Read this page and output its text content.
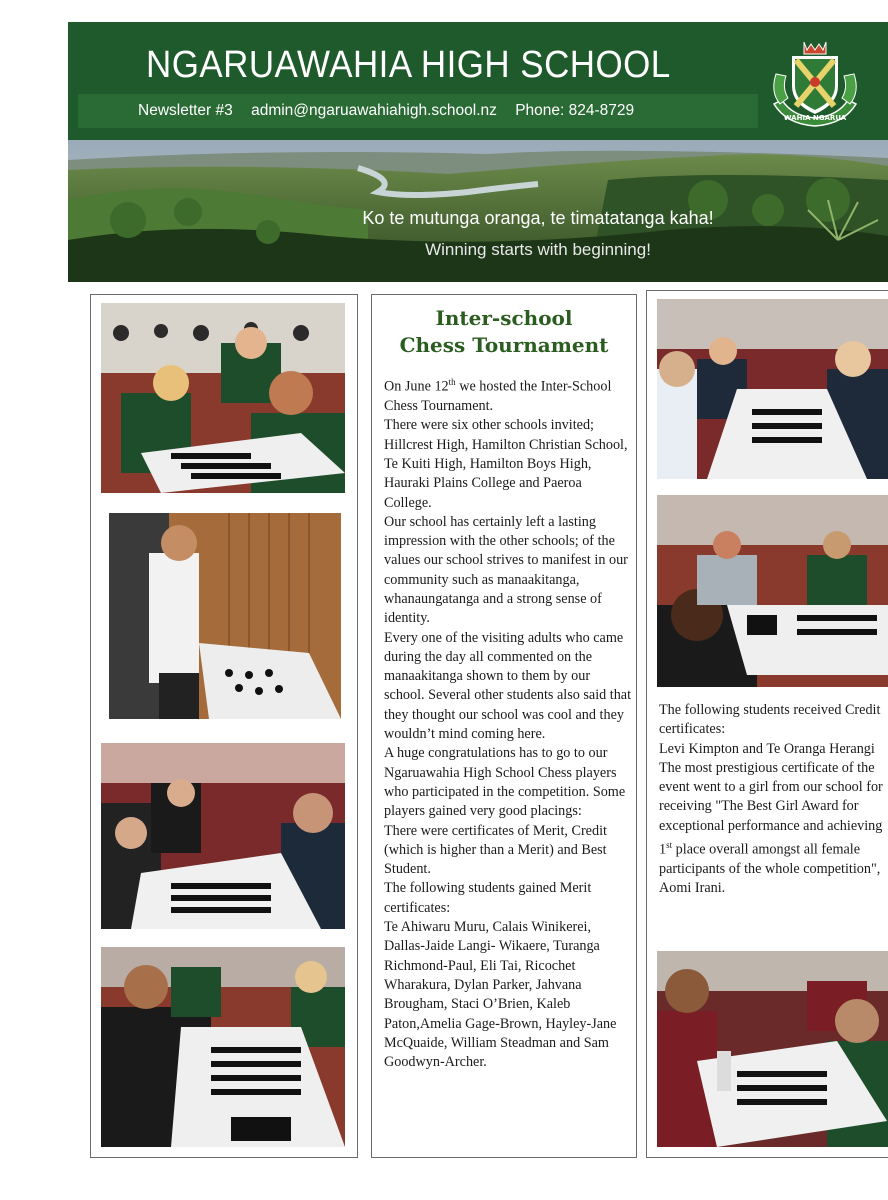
NGARUAWAHIA HIGH SCHOOL
Newsletter #3 admin@ngaruawahiahigh.school.nz Phone: 824-8729	WAHIA NGARUA
Ko te mutunga oranga, te timatatanga kaha!
Winning starts with beginning!
Inter-school
Chess Tournament

On June 12th we hosted the Inter-School Chess Tournament.

There were six other schools invited; Hillcrest High, Hamilton Christian School, Te Kuiti High, Hamilton Boys High, Hauraki Plains College and Paeroa College.

Our school has certainly left a lasting impression with the other schools; of the values our school strives to manifest in our community such as manaakitanga, whanaungatanga and a strong sense of identity.

Every one of the visiting adults who came during the day all commented on the manaakitanga shown to them by our school. Several other students also said that they thought our school was cool and they wouldn’t mind coming here.

A huge congratulations has to go to our Ngaruawahia High School Chess players who participated in the competition. Some players gained very good placings:

There were certificates of Merit, Credit (which is higher than a Merit) and Best Student.

The following students gained Merit certificates:

Te Ahiwaru Muru, Calais Winikerei, Dallas-Jaide Langi- Wikaere, Turanga Richmond-Paul, Eli Tai, Ricochet Wharakura, Dylan Parker, Jahvana Brougham, Staci O’Brien, Kaleb Paton,Amelia Gage-Brown, Hayley-Jane McQuaide, William Steadman and Sam Goodwyn-Archer.

The following students received Credit certificates:

Levi Kimpton and Te Oranga Herangi

The most prestigious certificate of the event went to a girl from our school for receiving "The Best Girl Award for exceptional performance and achieving 1st place overall amongst all female participants of the whole competition", Aomi Irani.
